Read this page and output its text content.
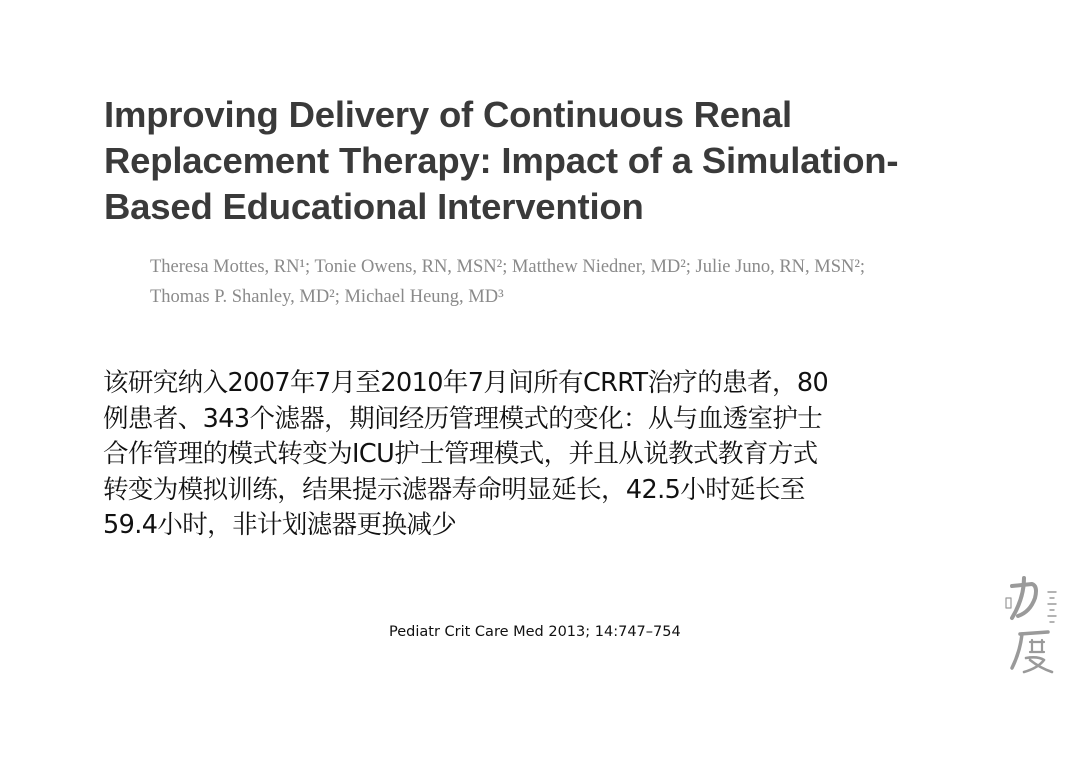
Improving Delivery of Continuous Renal
Replacement Therapy: Impact of a Simulation-
Based Educational Intervention

Theresa Mottes, RN¹; Tonie Owens, RN, MSN²; Matthew Niedner, MD²; Julie Juno, RN, MSN²;
Thomas P. Shanley, MD²; Michael Heung, MD³

该研究纳入2007年7月至2010年7月间所有CRRT治疗的患者，80
例患者、343个滤器，期间经历管理模式的变化：从与血透室护士
合作管理的模式转变为ICU护士管理模式，并且从说教式教育方式
转变为模拟训练，结果提示滤器寿命明显延长，42.5小时延长至
59.4小时，非计划滤器更换减少

Pediatr Crit Care Med 2013; 14:747–754
